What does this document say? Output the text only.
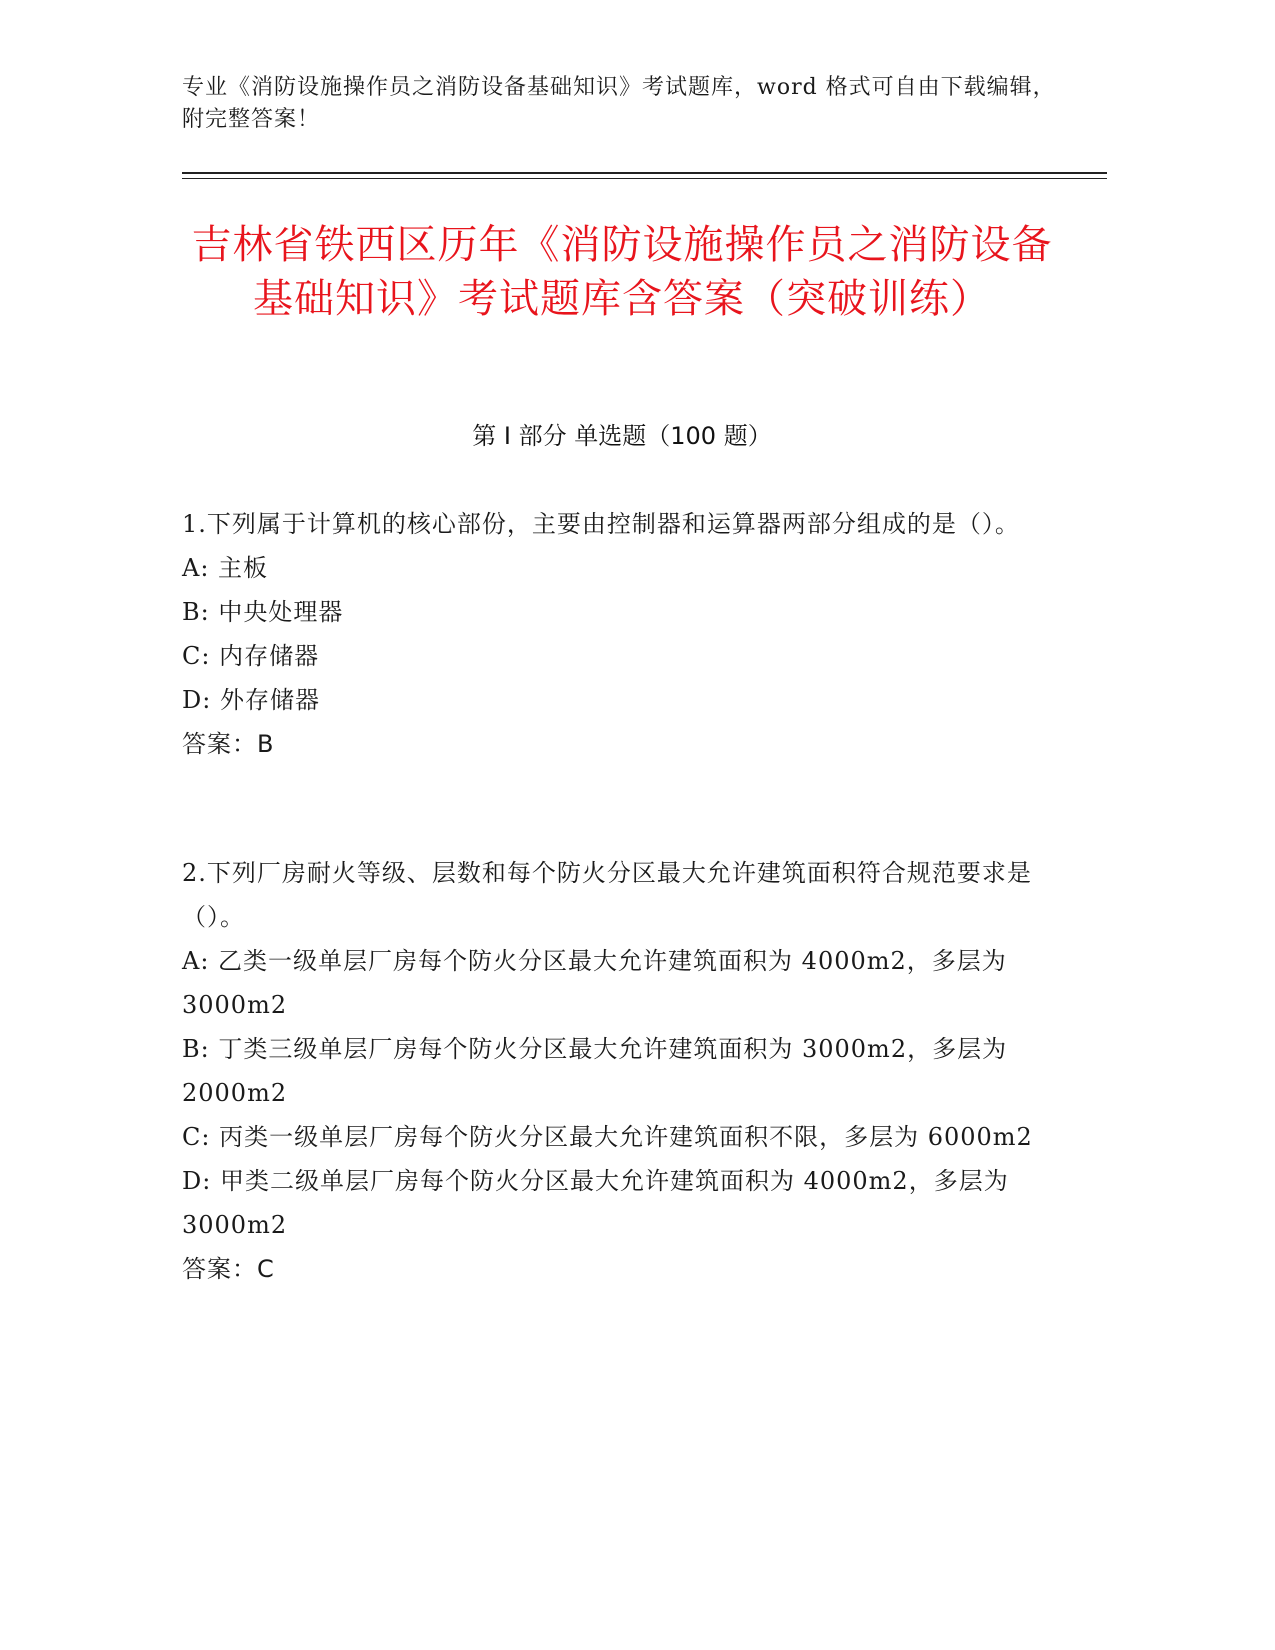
专业《消防设施操作员之消防设备基础知识》考试题库，word 格式可自由下载编辑，附完整答案！
吉林省铁西区历年《消防设施操作员之消防设备基础知识》考试题库含答案（突破训练）
第 I 部分 单选题（100 题）

1.下列属于计算机的核心部份，主要由控制器和运算器两部分组成的是（）。

A: 主板

B: 中央处理器

C: 内存储器

D: 外存储器

答案：B

2.下列厂房耐火等级、层数和每个防火分区最大允许建筑面积符合规范要求是（）。

A: 乙类一级单层厂房每个防火分区最大允许建筑面积为 4000m2，多层为 3000m2

B: 丁类三级单层厂房每个防火分区最大允许建筑面积为 3000m2，多层为 2000m2

C: 丙类一级单层厂房每个防火分区最大允许建筑面积不限，多层为 6000m2

D: 甲类二级单层厂房每个防火分区最大允许建筑面积为 4000m2，多层为 3000m2

答案：C
